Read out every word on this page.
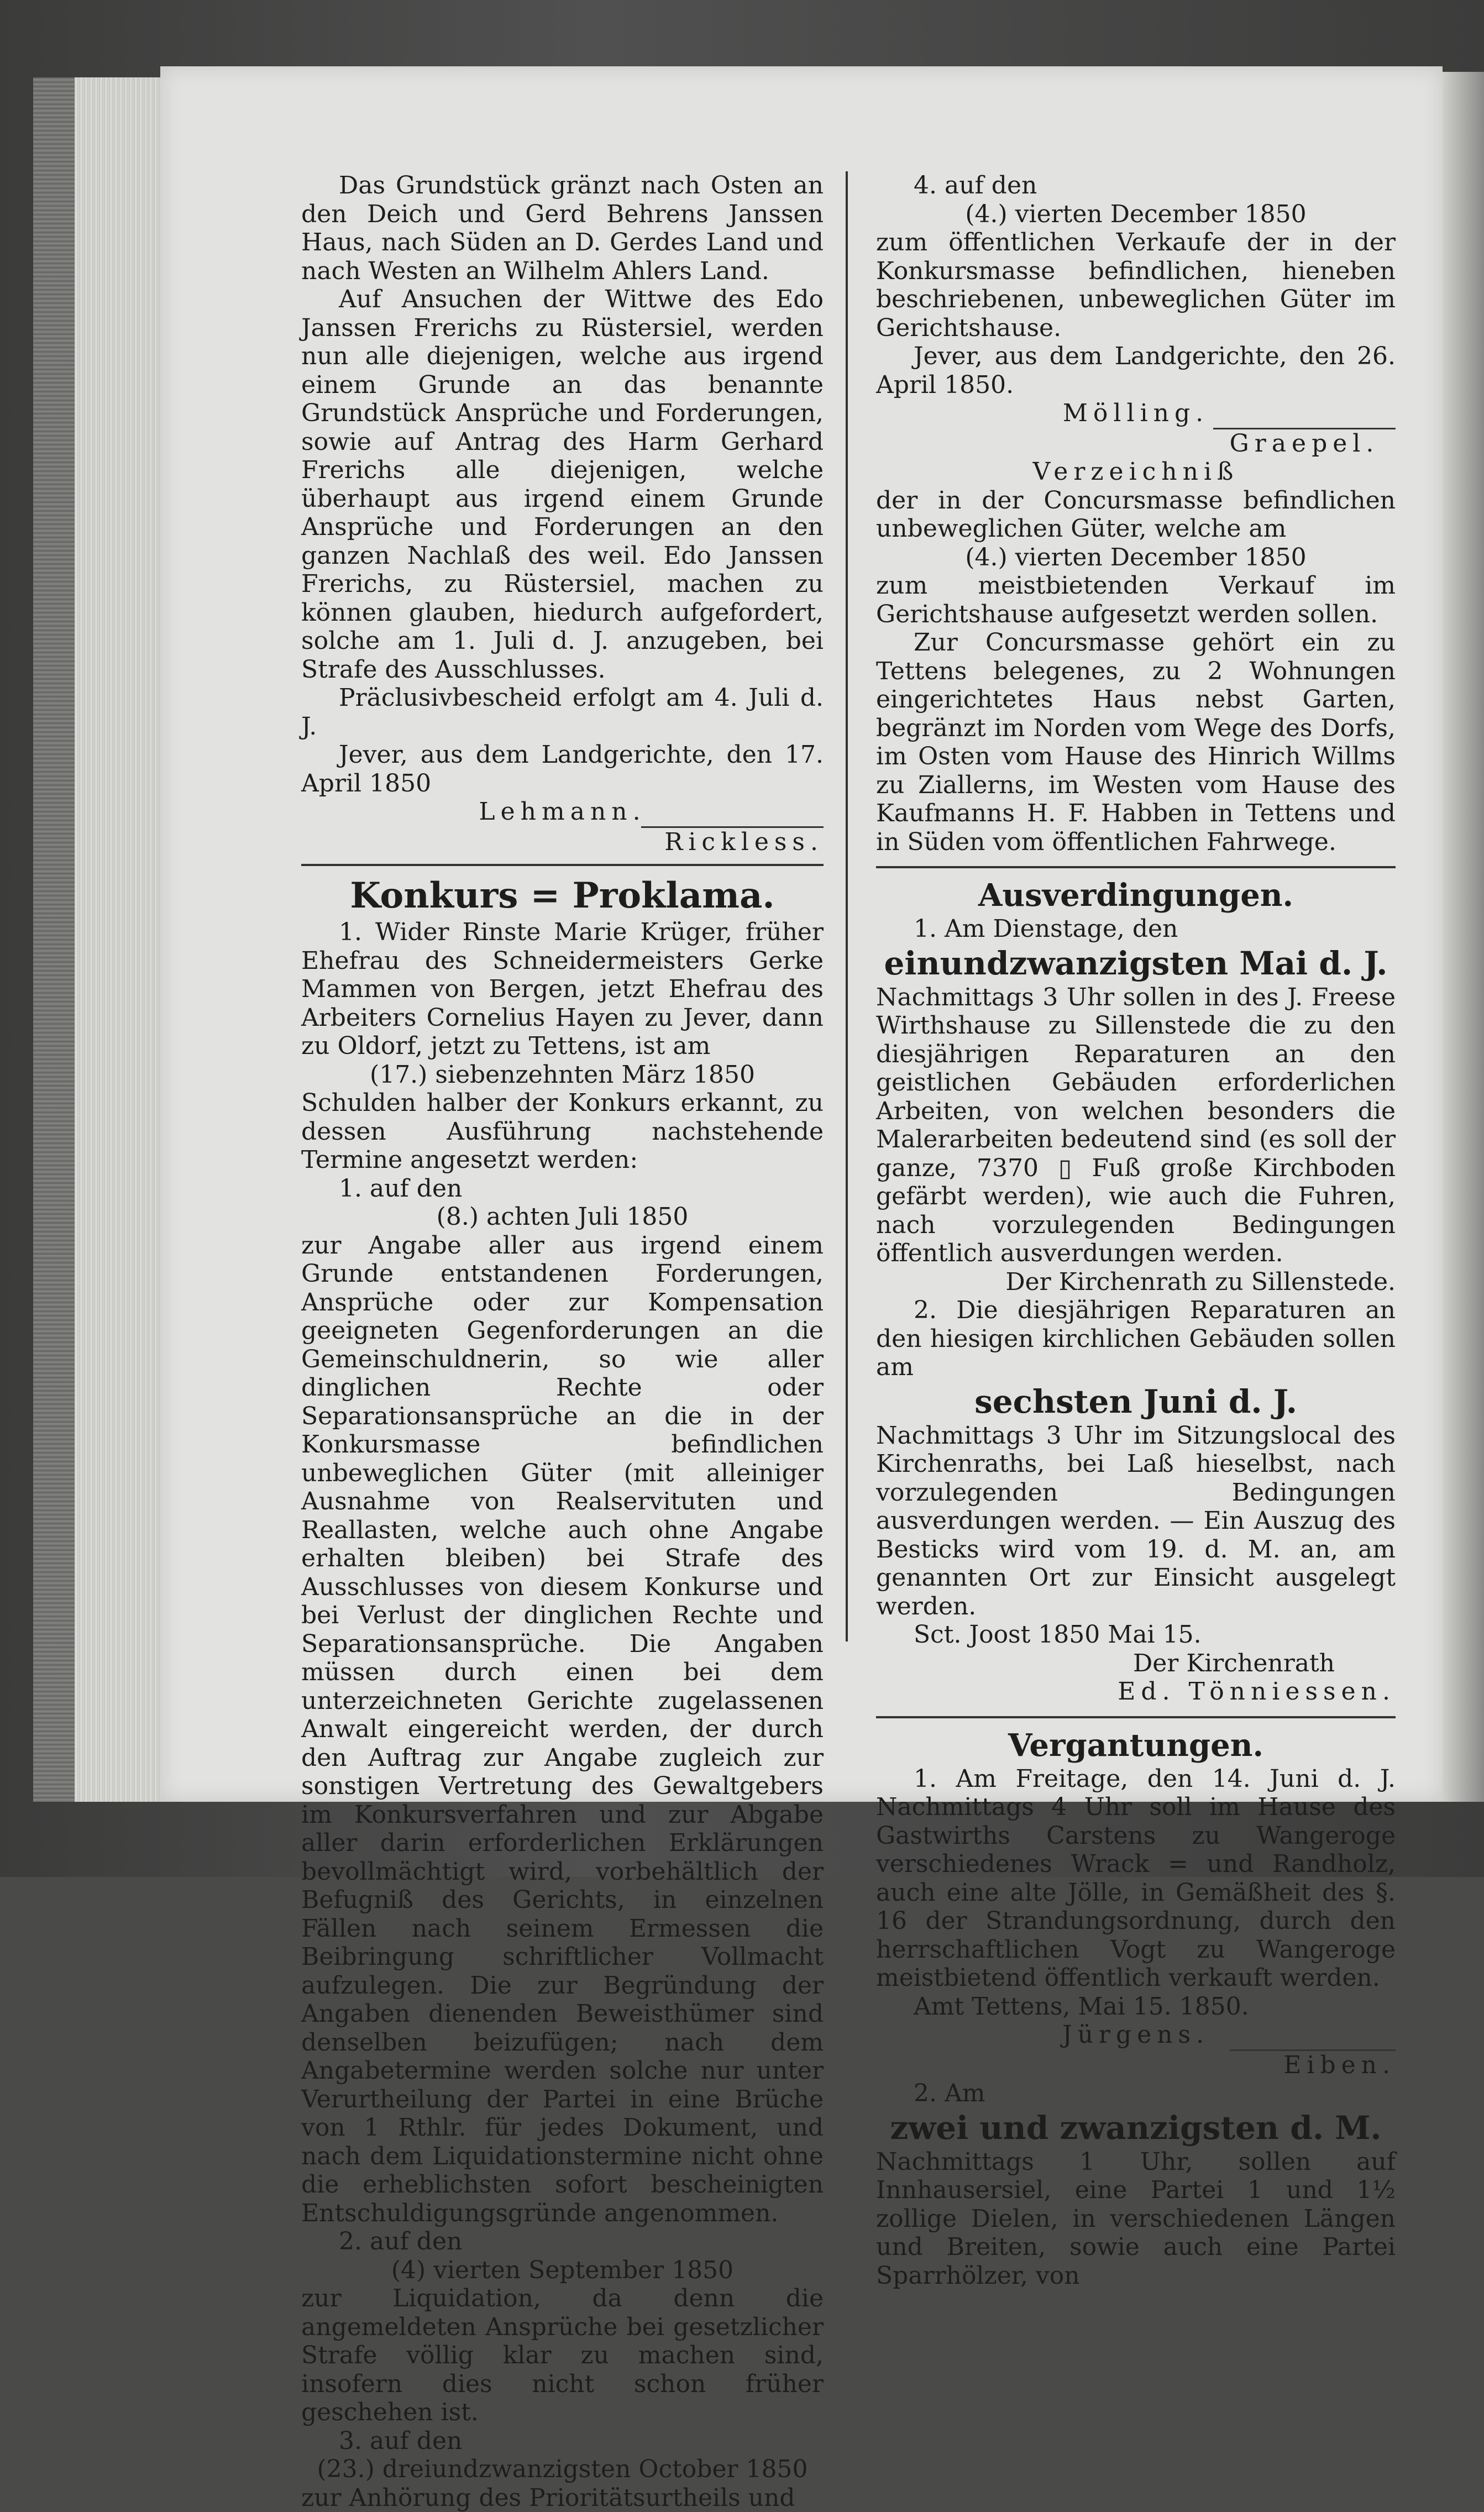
Das Grundstück gränzt nach Osten an den Deich und Gerd Behrens Janssen Haus, nach Süden an D. Gerdes Land und nach Westen an Wilhelm Ahlers Land.

Auf Ansuchen der Wittwe des Edo Janssen Frerichs zu Rüstersiel, werden nun alle diejenigen, welche aus irgend einem Grunde an das benannte Grundstück Ansprüche und Forderungen, sowie auf Antrag des Harm Gerhard Frerichs alle diejenigen, welche überhaupt aus irgend einem Grunde Ansprüche und Forderungen an den ganzen Nachlaß des weil. Edo Janssen Frerichs, zu Rüstersiel, machen zu können glauben, hiedurch aufgefordert, solche am 1. Juli d. J. anzugeben, bei Strafe des Ausschlusses.

Präclusivbescheid erfolgt am 4. Juli d. J.

Jever, aus dem Landgerichte, den 17. April 1850

Lehmann.

Rickless.

Konkurs = Proklama.

1. Wider Rinste Marie Krüger, früher Ehefrau des Schneidermeisters Gerke Mammen von Bergen, jetzt Ehefrau des Arbeiters Cornelius Hayen zu Jever, dann zu Oldorf, jetzt zu Tettens, ist am

(17.) siebenzehnten März 1850

Schulden halber der Konkurs erkannt, zu dessen Ausführung nachstehende Termine angesetzt werden:

1. auf den

(8.) achten Juli 1850

zur Angabe aller aus irgend einem Grunde entstandenen Forderungen, Ansprüche oder zur Kompensation geeigneten Gegenforderungen an die Gemeinschuldnerin, so wie aller dinglichen Rechte oder Separationsansprüche an die in der Konkursmasse befindlichen unbeweglichen Güter (mit alleiniger Ausnahme von Realservituten und Reallasten, welche auch ohne Angabe erhalten bleiben) bei Strafe des Ausschlusses von diesem Konkurse und bei Verlust der dinglichen Rechte und Separationsansprüche. Die Angaben müssen durch einen bei dem unterzeichneten Gerichte zugelassenen Anwalt eingereicht werden, der durch den Auftrag zur Angabe zugleich zur sonstigen Vertretung des Gewaltgebers im Konkursverfahren und zur Abgabe aller darin erforderlichen Erklärungen bevollmächtigt wird, vorbehältlich der Befugniß des Gerichts, in einzelnen Fällen nach seinem Ermessen die Beibringung schriftlicher Vollmacht aufzulegen. Die zur Begründung der Angaben dienenden Beweisthümer sind denselben beizufügen; nach dem Angabetermine werden solche nur unter Verurtheilung der Partei in eine Brüche von 1 Rthlr. für jedes Dokument, und nach dem Liquidationstermine nicht ohne die erheblichsten sofort bescheinigten Entschuldigungsgründe angenommen.

2. auf den

(4) vierten September 1850

zur Liquidation, da denn die angemeldeten Ansprüche bei gesetzlicher Strafe völlig klar zu machen sind, insofern dies nicht schon früher geschehen ist.

3. auf den

(23.) dreiundzwanzigsten October 1850

zur Anhörung des Prioritätsurtheils und

4. auf den

(4.) vierten December 1850

zum öffentlichen Verkaufe der in der Konkursmasse befindlichen, hieneben beschriebenen, unbeweglichen Güter im Gerichtshause.

Jever, aus dem Landgerichte, den 26. April 1850.

Mölling.

Graepel.

Verzeichniß

der in der Concursmasse befindlichen unbeweglichen Güter, welche am

(4.) vierten December 1850

zum meistbietenden Verkauf im Gerichtshause aufgesetzt werden sollen.

Zur Concursmasse gehört ein zu Tettens belegenes, zu 2 Wohnungen eingerichtetes Haus nebst Garten, begränzt im Norden vom Wege des Dorfs, im Osten vom Hause des Hinrich Willms zu Ziallerns, im Westen vom Hause des Kaufmanns H. F. Habben in Tettens und in Süden vom öffentlichen Fahrwege.

Ausverdingungen.

1. Am Dienstage, den

einundzwanzigsten Mai d. J.

Nachmittags 3 Uhr sollen in des J. Freese Wirthshause zu Sillenstede die zu den diesjährigen Reparaturen an den geistlichen Gebäuden erforderlichen Arbeiten, von welchen besonders die Malerarbeiten bedeutend sind (es soll der ganze, 7370 ▯ Fuß große Kirchboden gefärbt werden), wie auch die Fuhren, nach vorzulegenden Bedingungen öffentlich ausverdungen werden.

Der Kirchenrath zu Sillenstede.

2. Die diesjährigen Reparaturen an den hiesigen kirchlichen Gebäuden sollen am

sechsten Juni d. J.

Nachmittags 3 Uhr im Sitzungslocal des Kirchenraths, bei Laß hieselbst, nach vorzulegenden Bedingungen ausverdungen werden. — Ein Auszug des Besticks wird vom 19. d. M. an, am genannten Ort zur Einsicht ausgelegt werden.

Sct. Joost 1850 Mai 15.

Der Kirchenrath

Ed. Tönniessen.

Vergantungen.

1. Am Freitage, den 14. Juni d. J. Nachmittags 4 Uhr soll im Hause des Gastwirths Carstens zu Wangeroge verschiedenes Wrack = und Randholz, auch eine alte Jölle, in Gemäßheit des §. 16 der Strandungsordnung, durch den herrschaftlichen Vogt zu Wangeroge meistbietend öffentlich verkauft werden.

Amt Tettens, Mai 15. 1850.

Jürgens.

Eiben.

2. Am

zwei und zwanzigsten d. M.

Nachmittags 1 Uhr, sollen auf Innhausersiel, eine Partei 1 und 1½ zollige Dielen, in verschiedenen Längen und Breiten, sowie auch eine Partei Sparrhölzer, von
